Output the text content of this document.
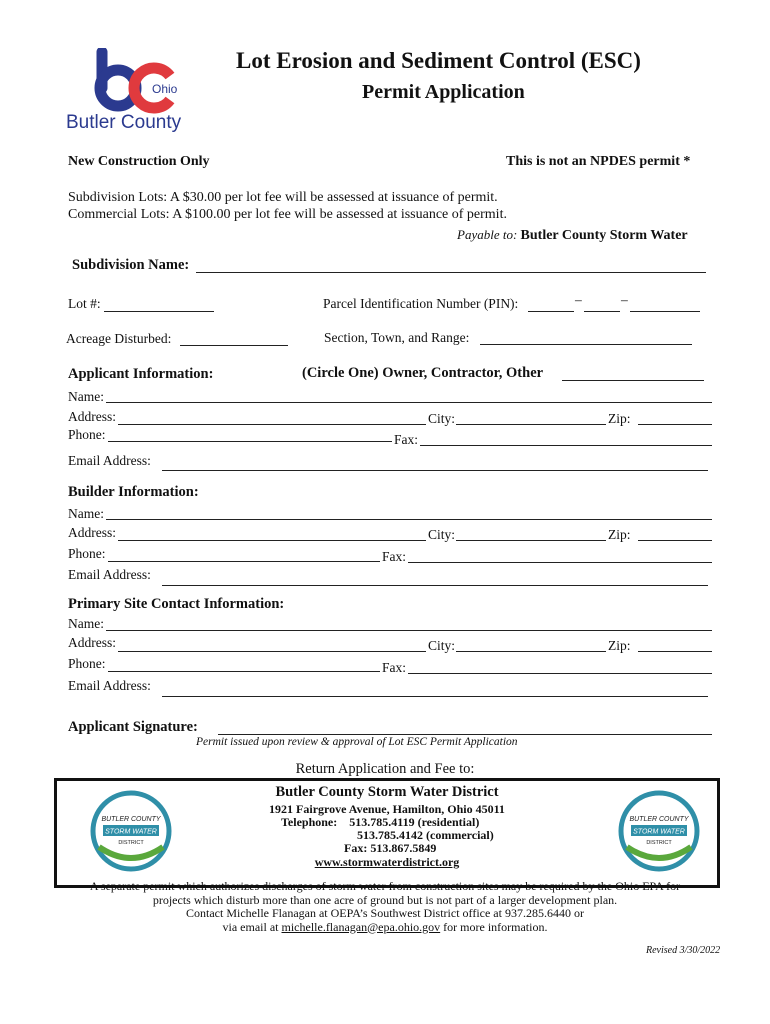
Ohio
Butler County
Lot Erosion and Sediment Control (ESC)
Permit Application
New Construction Only	This is not an NPDES permit *
Subdivision Lots: A $30.00 per lot fee will be assessed at issuance of permit.
Commercial Lots: A $100.00 per lot fee will be assessed at issuance of permit.
Payable to: Butler County Storm Water
Subdivision Name:
Lot #:	Parcel Identification Number (PIN):	–	–
Acreage Disturbed:	Section, Town, and Range:
Applicant Information:	(Circle One) Owner, Contractor, Other
Name:
Address:	City:	Zip:
Phone:	Fax:
Email Address:
Builder Information:
Name:
Address:	City:	Zip:
Phone:	Fax:
Email Address:
Primary Site Contact Information:
Name:
Address:	City:	Zip:
Phone:	Fax:
Email Address:
Applicant Signature:
Permit issued upon review & approval of Lot ESC Permit Application
Return Application and Fee to:
BUTLER COUNTY
STORM WATER
DISTRICT
BUTLER COUNTY
STORM WATER
DISTRICT
Butler County Storm Water District
1921 Fairgrove Avenue, Hamilton, Ohio 45011
Telephone: 513.785.4119 (residential)
513.785.4142 (commercial)
Fax: 513.867.5849
www.stormwaterdistrict.org
A separate permit which authorizes discharges of storm water from construction sites may be required by the Ohio EPA for
projects which disturb more than one acre of ground but is not part of a larger development plan.
Contact Michelle Flanagan at OEPA’s Southwest District office at 937.285.6440 or
via email at michelle.flanagan@epa.ohio.gov for more information.
Revised 3/30/2022
